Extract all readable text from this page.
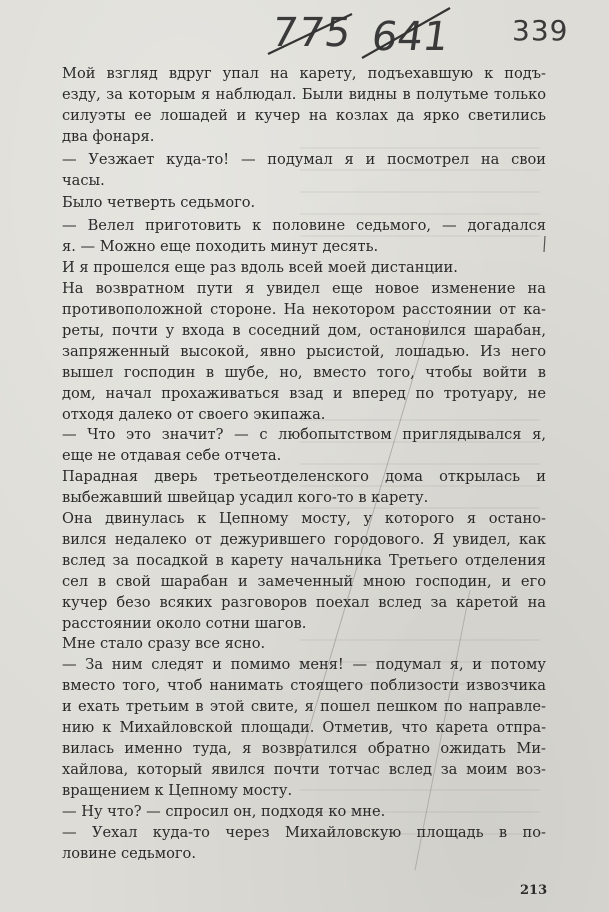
775 641 339

Мой взгляд вдруг упал на карету, подъехавшую к подъ-

езду, за которым я наблюдал. Были видны в полутьме только

силуэты ее лошадей и кучер на козлах да ярко светились

два фонаря.

— Уезжает куда-то! — подумал я и посмотрел на свои

часы.

Было четверть седьмого.

— Велел приготовить к половине седьмого, — догадался

я. — Можно еще походить минут десять.

И я прошелся еще раз вдоль всей моей дистанции.

На возвратном пути я увидел еще новое изменение на

противоположной стороне. На некотором расстоянии от ка-

реты, почти у входа в соседний дом, остановился шарабан,

запряженный высокой, явно рысистой, лошадью. Из него

вышел господин в шубе, но, вместо того, чтобы войти в

дом, начал прохаживаться взад и вперед по тротуару, не

отходя далеко от своего экипажа.

— Что это значит? — с любопытством приглядывался я,

еще не отдавая себе отчета.

Парадная дверь третьеотделенского дома открылась и

выбежавший швейцар усадил кого-то в карету.

Она двинулась к Цепному мосту, у которого я остано-

вился недалеко от дежурившего городового. Я увидел, как

вслед за посадкой в карету начальника Третьего отделения

сел в свой шарабан и замеченный мною господин, и его

кучер безо всяких разговоров поехал вслед за каретой на

расстоянии около сотни шагов.

Мне стало сразу все ясно.

— За ним следят и помимо меня! — подумал я, и потому

вместо того, чтоб нанимать стоящего поблизости извозчика

и ехать третьим в этой свите, я пошел пешком по направле-

нию к Михайловской площади. Отметив, что карета отпра-

вилась именно туда, я возвратился обратно ожидать Ми-

хайлова, который явился почти тотчас вслед за моим воз-

вращением к Цепному мосту.

— Ну что? — спросил он, подходя ко мне.

— Уехал куда-то через Михайловскую площадь в по-

ловине седьмого.

213
